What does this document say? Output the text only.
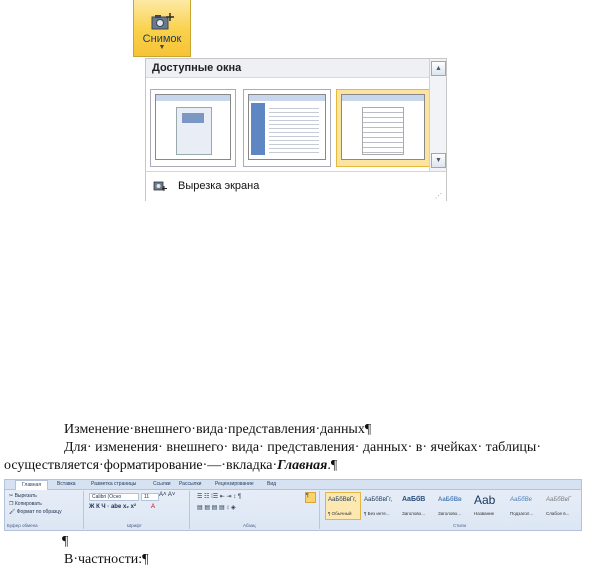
Снимок
▼
Доступные окна	▲
▼
Вырезка экрана
⋰
Изменение·внешнего·вида·представления·данных¶
Для· изменения· внешнего· вида· представления· данных· в· ячейках· таблицы·
осуществляется·форматирование·—·вкладка·Главная.¶
Главная	Вставка	Разметка страницы	Ссылки Рассылки	Рецензирование	Вид
✂ Вырезать
❐ Копировать
🖌 Формат по образцу
Буфер обмена
Calibri (Осно	11	A˄ A˅
Ж К Ч · abe x₂ x²	A
Шрифт
☰ ☷ ⁞☰ ⇤ ⇥ ↕ ¶
▤ ▤ ▤ ▤ ↕ ◈
¶
Абзац
AaБбВвГг,
¶ Обычный
AaБбВвГг,
¶ Без инте...
AaБбВ
Заголово...
AaБбВв
Заголово...
Aab
Название
AaБбВе
Подзагол...
AaБбВвГ
Слабое в...
Стили
¶
В·частности:¶
